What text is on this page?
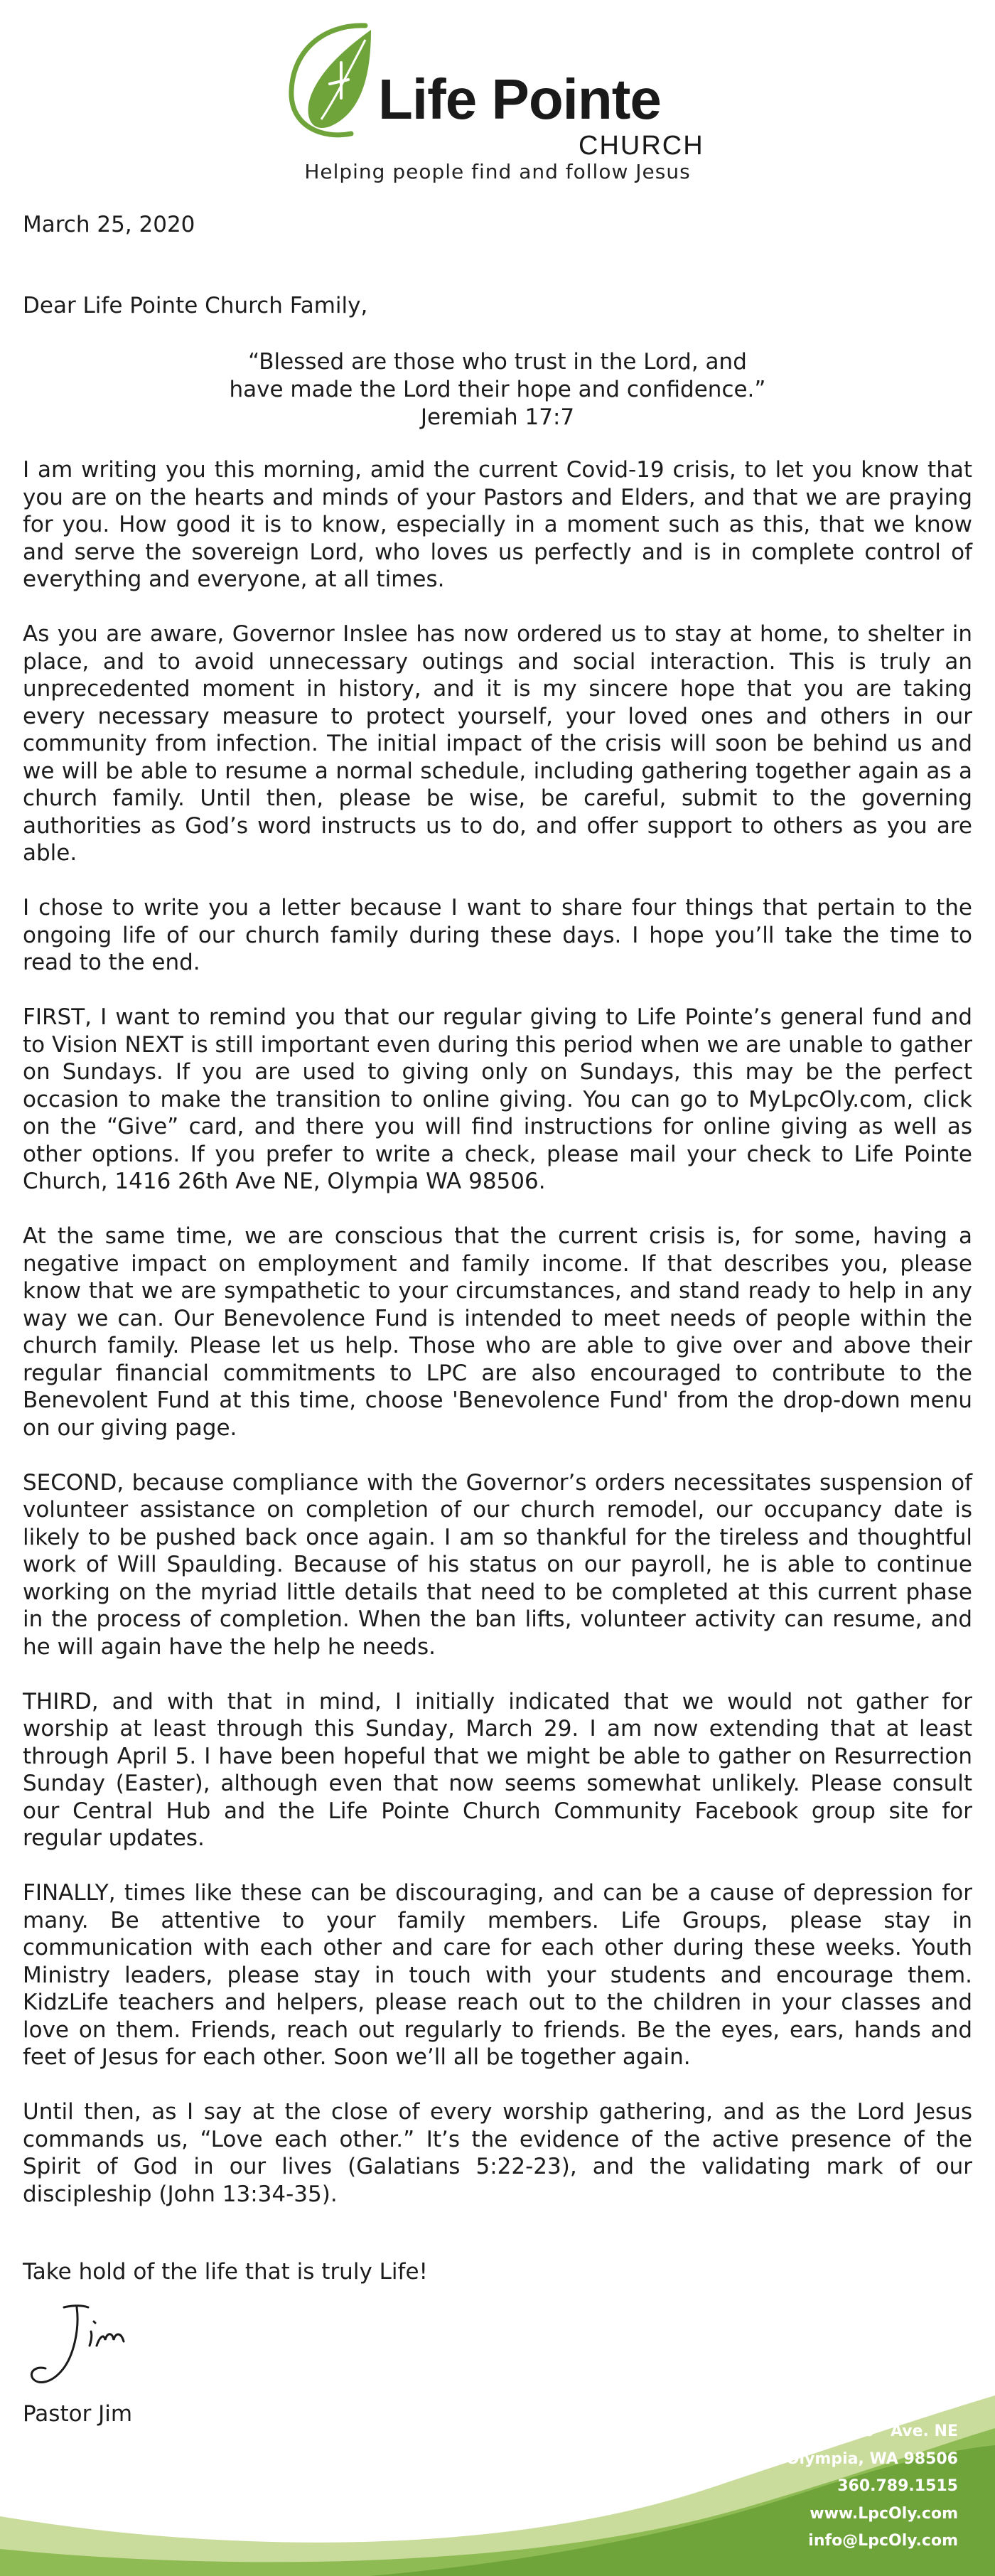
Life Pointe
CHURCH
Helping people find and follow Jesus
March 25, 2020
Dear Life Pointe Church Family,
“Blessed are those who trust in the Lord, and
have made the Lord their hope and confidence.”
Jeremiah 17:7

I am writing you this morning, amid the current Covid-19 crisis, to let you know that you are on the hearts and minds of your Pastors and Elders, and that we are praying for you. How good it is to know, especially in a moment such as this, that we know and serve the sovereign Lord, who loves us perfectly and is in complete control of everything and everyone, at all times.

As you are aware, Governor Inslee has now ordered us to stay at home, to shelter in place, and to avoid unnecessary outings and social interaction. This is truly an unprecedented moment in history, and it is my sincere hope that you are taking every necessary measure to protect yourself, your loved ones and others in our community from infection. The initial impact of the crisis will soon be behind us and we will be able to resume a normal schedule, including gathering together again as a church family. Until then, please be wise, be careful, submit to the governing authorities as God’s word instructs us to do, and offer support to others as you are able.

I chose to write you a letter because I want to share four things that pertain to the ongoing life of our church family during these days. I hope you’ll take the time to read to the end.

FIRST, I want to remind you that our regular giving to Life Pointe’s general fund and to Vision NEXT is still important even during this period when we are unable to gather on Sundays. If you are used to giving only on Sundays, this may be the perfect occasion to make the transition to online giving. You can go to MyLpcOly.com, click on the “Give” card, and there you will find instructions for online giving as well as other options. If you prefer to write a check, please mail your check to Life Pointe Church, 1416 26th Ave NE, Olympia WA 98506.

At the same time, we are conscious that the current crisis is, for some, having a negative impact on employment and family income. If that describes you, please know that we are sympathetic to your circumstances, and stand ready to help in any way we can. Our Benevolence Fund is intended to meet needs of people within the church family. Please let us help. Those who are able to give over and above their regular financial commitments to LPC are also encouraged to contribute to the Benevolent Fund at this time, choose 'Benevolence Fund' from the drop-down menu on our giving page.

SECOND, because compliance with the Governor’s orders necessitates suspension of volunteer assistance on completion of our church remodel, our occupancy date is likely to be pushed back once again. I am so thankful for the tireless and thoughtful work of Will Spaulding. Because of his status on our payroll, he is able to continue working on the myriad little details that need to be completed at this current phase in the process of completion. When the ban lifts, volunteer activity can resume, and he will again have the help he needs.

THIRD, and with that in mind, I initially indicated that we would not gather for worship at least through this Sunday, March 29. I am now extending that at least through April 5. I have been hopeful that we might be able to gather on Resurrection Sunday (Easter), although even that now seems somewhat unlikely. Please consult our Central Hub and the Life Pointe Church Community Facebook group site for regular updates.

FINALLY, times like these can be discouraging, and can be a cause of depression for many. Be attentive to your family members. Life Groups, please stay in communication with each other and care for each other during these weeks. Youth Ministry leaders, please stay in touch with your students and encourage them. KidzLife teachers and helpers, please reach out to the children in your classes and love on them. Friends, reach out regularly to friends. Be the eyes, ears, hands and feet of Jesus for each other. Soon we’ll all be together again.

Until then, as I say at the close of every worship gathering, and as the Lord Jesus commands us, “Love each other.” It’s the evidence of the active presence of the Spirit of God in our lives (Galatians 5:22-23), and the validating mark of our discipleship (John 13:34-35).

Take hold of the life that is truly Life!
Pastor Jim
1416 26th Ave. NE
Olympia, WA 98506
360.789.1515
www.LpcOly.com
info@LpcOly.com
